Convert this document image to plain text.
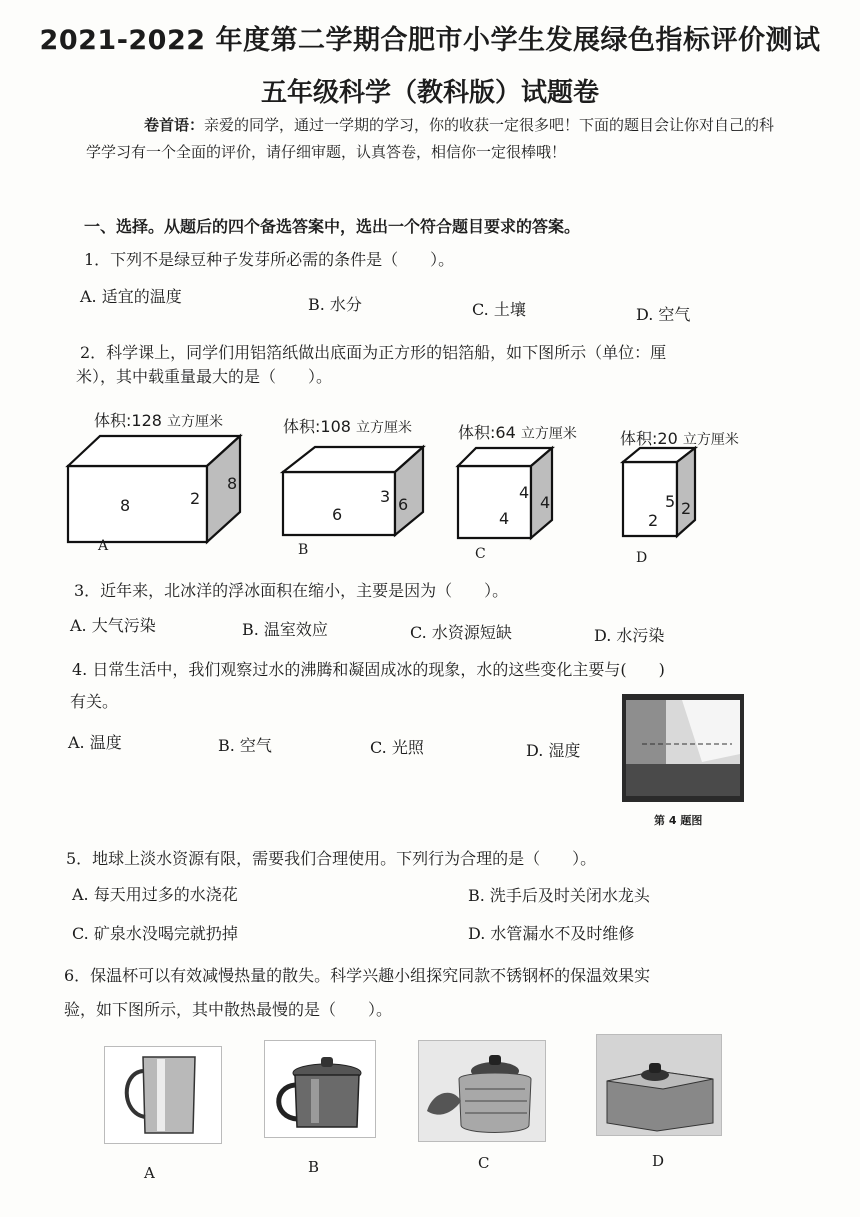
2021-2022 年度第二学期合肥市小学生发展绿色指标评价测试
五年级科学（教科版）试题卷
卷首语：亲爱的同学，通过一学期的学习，你的收获一定很多吧！下面的题目会让你对自己的科学学习有一个全面的评价，请仔细审题，认真答卷，相信你一定很棒哦！
一、选择。从题后的四个备选答案中，选出一个符合题目要求的答案。
1．下列不是绿豆种子发芽所必需的条件是（　　）。
A. 适宜的温度	B. 水分	C. 土壤	D. 空气
2．科学课上，同学们用铝箔纸做出底面为正方形的铝箔船，如下图所示（单位：厘
米），其中载重量最大的是（　　）。
体积:128 立方厘米	体积:108 立方厘米	体积:64 立方厘米	体积:20 立方厘米
8	2
8
6
3 6
4
4
4
2
5 2
A	B	C	D
3．近年来，北冰洋的浮冰面积在缩小，主要是因为（　　）。
A. 大气污染	B. 温室效应	C. 水资源短缺	D. 水污染
4. 日常生活中，我们观察过水的沸腾和凝固成冰的现象，水的这些变化主要与(　　)
有关。
A. 温度	B. 空气	C. 光照	D. 湿度
第 4 题图
5．地球上淡水资源有限，需要我们合理使用。下列行为合理的是（　　）。
A. 每天用过多的水浇花	B. 洗手后及时关闭水龙头
C. 矿泉水没喝完就扔掉	D. 水管漏水不及时维修
6．保温杯可以有效减慢热量的散失。科学兴趣小组探究同款不锈钢杯的保温效果实
验，如下图所示，其中散热最慢的是（　　）。
A	B	C	D
